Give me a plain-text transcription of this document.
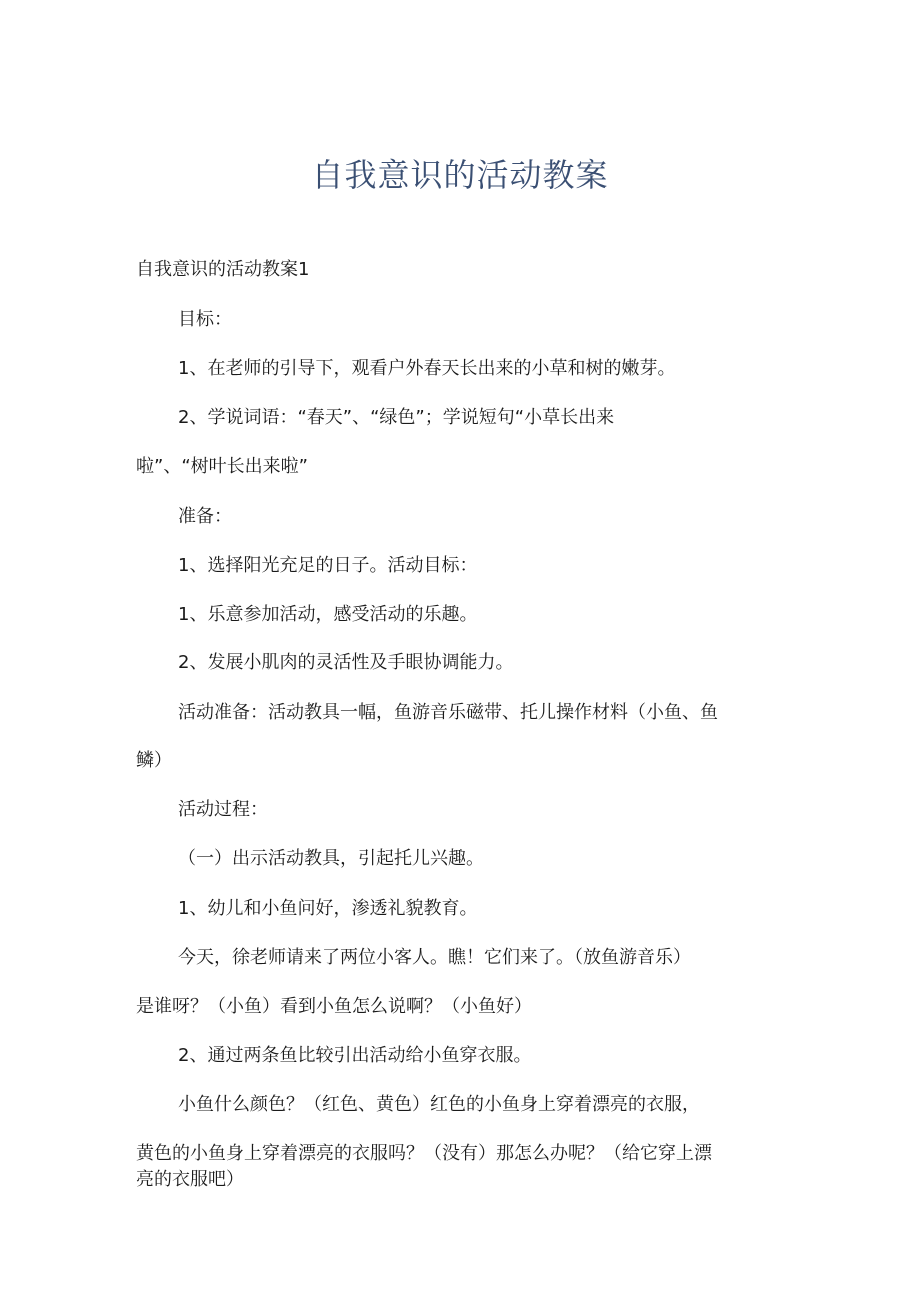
自我意识的活动教案

自我意识的活动教案1

目标：

1、在老师的引导下，观看户外春天长出来的小草和树的嫩芽。

2、学说词语：“春天”、“绿色”；学说短句“小草长出来

啦”、“树叶长出来啦”

准备：

1、选择阳光充足的日子。活动目标：

1、乐意参加活动，感受活动的乐趣。

2、发展小肌肉的灵活性及手眼协调能力。

活动准备：活动教具一幅，鱼游音乐磁带、托儿操作材料（小鱼、鱼

鳞）

活动过程：

（一）出示活动教具，引起托儿兴趣。

1、幼儿和小鱼问好，渗透礼貌教育。

今天，徐老师请来了两位小客人。瞧！它们来了。（放鱼游音乐）

是谁呀？（小鱼）看到小鱼怎么说啊？（小鱼好）

2、通过两条鱼比较引出活动给小鱼穿衣服。

小鱼什么颜色？（红色、黄色）红色的小鱼身上穿着漂亮的衣服，

黄色的小鱼身上穿着漂亮的衣服吗？（没有）那怎么办呢？（给它穿上漂

亮的衣服吧）
